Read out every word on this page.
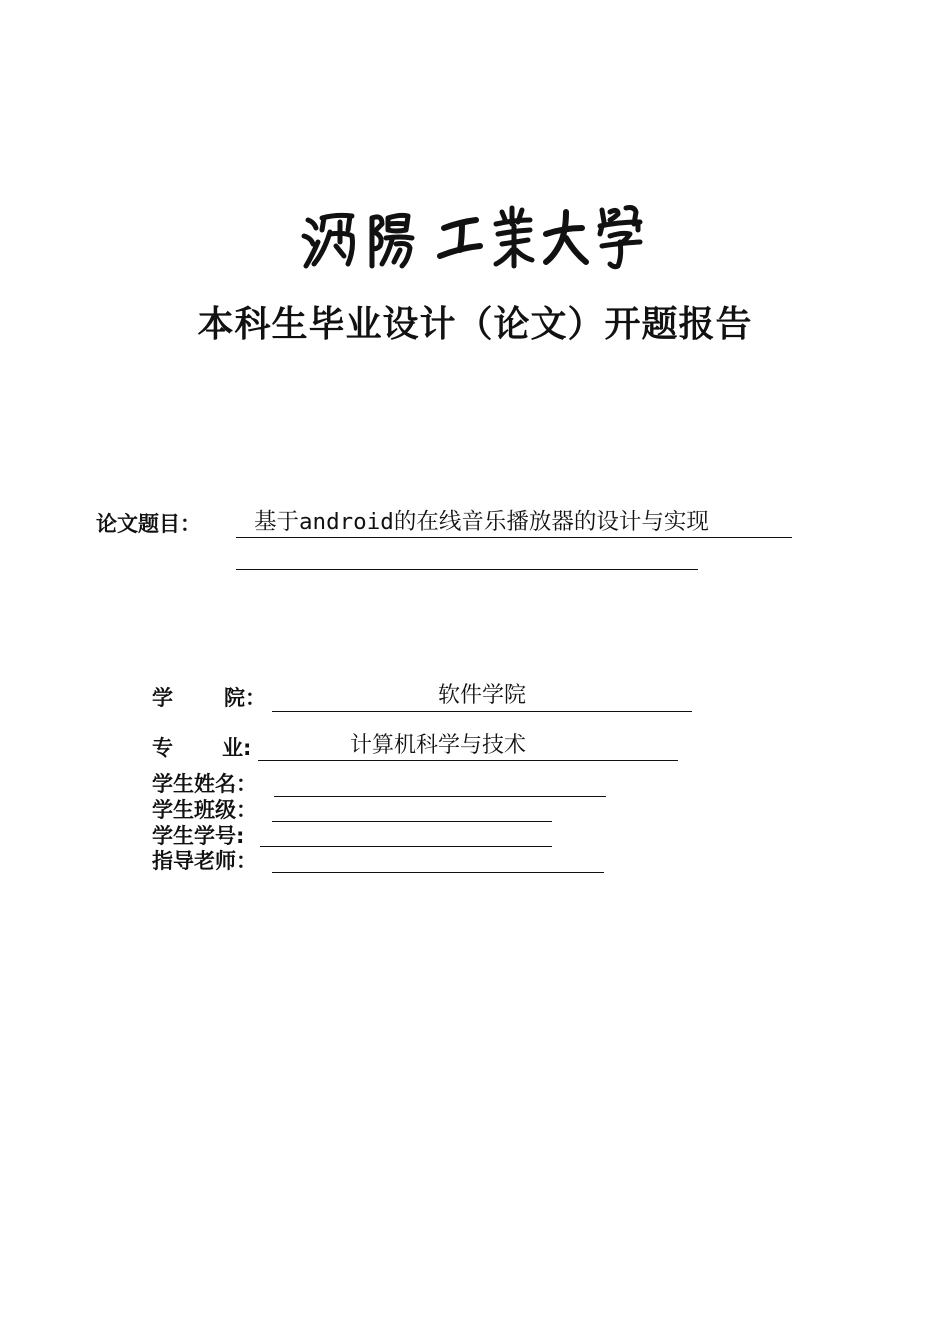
本科生毕业设计（论文）开题报告
论文题目：	基于android的在线音乐播放器的设计与实现
学 院：	软件学院
专 业:	计算机科学与技术
学生姓名：
学生班级：
学生学号:
指导老师：
